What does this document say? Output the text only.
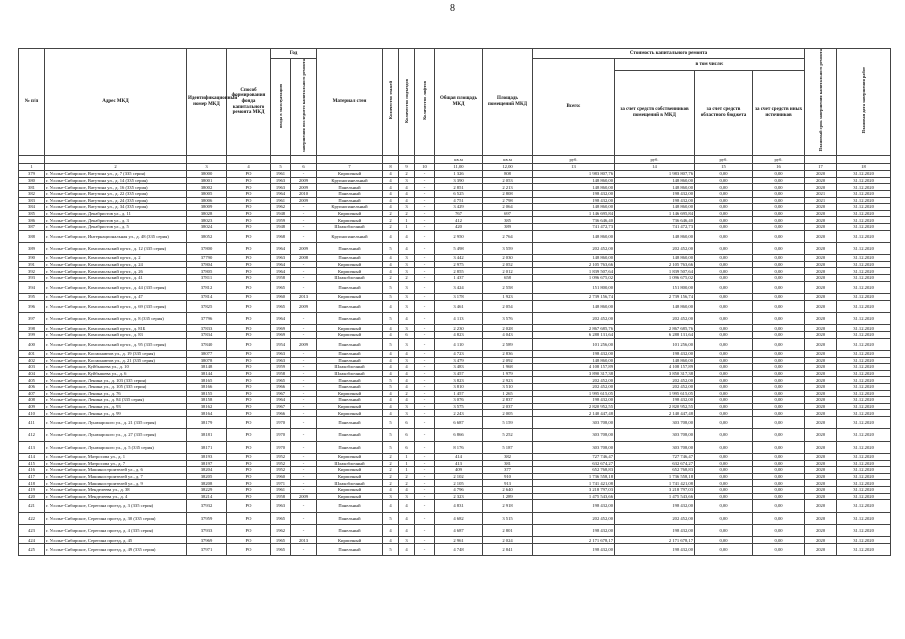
8
№ п/п	Адрес МКД	Идентификационный номер МКД	Способ формирования фонда капитального ремонта МКД	Год		Материал стен	Количество этажей	Количество подъездов	Количество лифтов	Общая площадь МКД	Площадь помещений МКД	Стоимость капитального ремонта				Плановый срок завершения капитального ремонта	Плановая дата завершения работ
				ввода в эксплуатацию	завершения последнего капитального ремонта							Всего:	в том числе:				
													за счет средств собственников помещений в МКД	за счет средств областного бюджета	за счет средств иных источников		
										кв.м	кв.м	руб.	руб.	руб.	руб.		
1	2	3	4	5	6	7	8	9	10	11,00	12,00	13	14	15	16	17	18
379	г. Усолье-Сибирское, Ватутина ул., д. 7 (335 серия)	38000	РО	1961	-	Кирпичный	4	2	-	1 326	808	1 983 807,76	1 983 807,76	0,00	0,00	2020	31.12.2020
380	г. Усолье-Сибирское, Ватутина ул., д. 14 (335 серия)	38001	РО	1963	2009	Крупнопанельный	4	3	-	3 390	2 053	148 860,00	148 860,00	0,00	0,00	2020	31.12.2020
381	г. Усолье-Сибирское, Ватутина ул., д. 16 (335 серия)	38002	РО	1963	2009	Панельный	4	4	-	2 851	2 213	148 860,00	148 860,00	0,00	0,00	2020	31.12.2020
382	г. Усолье-Сибирское, Ватутина ул., д. 22 (335 серия)	38005	РО	1964	2010	Панельный	4	4	-	6 525	2 808	198 432,00	198 432,00	0,00	0,00	2021	31.12.2020
383	г. Усолье-Сибирское, Ватутина ул., д. 24 (335 серия)	38006	РО	1961	2009	Панельный	4	4	-	4 751	2 798	198 432,00	198 432,00	0,00	0,00	2021	31.12.2020
384	г. Усолье-Сибирское, Ватутина ул., д. 34 (335 серия)	38009	РО	1962	-	Крупнопанельный	4	3	-	3 429	2 064	148 860,00	148 860,00	0,00	0,00	2020	31.12.2020
385	г. Усолье-Сибирское, Декабристов ул., д. 11	38028	РО	1948	-	Кирпичный	2	2	-	767	697	1 146 695,84	1 146 695,84	0,00	0,00	2020	31.12.2020
386	г. Усолье-Сибирское, Декабристов ул., д. 3	38023	РО	1959	-	Кирпичный	2	1	-	412	385	736 646,40	736 646,40	0,00	0,00	2020	31.12.2020
387	г. Усолье-Сибирское, Декабристов ул., д. 5	38024	РО	1948	-	Шлакоблочный	2	1	-	420	389	741 472,73	741 472,73	0,00	0,00	2020	31.12.2020
388	г. Усолье-Сибирское, Интернациональная ул., д. 48 (335 серия)	38052	РО	1968	-	Крупнопанельный	4	4	-	2 950	2 764	148 860,00	148 860,00	0,00	0,00	2020	31.12.2020
389	г. Усолье-Сибирское, Комсомольский пр-кт., д. 12 (335 серия)	37800	РО	1964	2009	Панельный	5	4	-	5 498	3 559	202 452,00	202 452,00	0,00	0,00	2020	31.12.2020
390	г. Усолье-Сибирское, Комсомольский пр-кт., д. 2	37790	РО	1963	2008	Панельный	4	3	-	3 442	2 030	148 860,00	148 860,00	0,00	0,00	2020	31.12.2020
391	г. Усолье-Сибирское, Комсомольский пр-кт., д. 24	37804	РО	1964	-	Кирпичный	4	3	-	2 975	2 052	2 105 763,66	2 105 763,66	0,00	0,00	2020	31.12.2020
392	г. Усолье-Сибирское, Комсомольский пр-кт., д. 26	37805	РО	1964	-	Кирпичный	4	3	-	2 855	2 012	1 839 507,64	1 839 507,64	0,00	0,00	2020	31.12.2020
393	г. Усолье-Сибирское, Комсомольский пр-кт., д. 41	37811	РО	1958	-	Шлакоблочный	2	2	-	1 437	658	1 096 675,02	1 096 675,02	0,00	0,00	2020	31.12.2020
394	г. Усолье-Сибирское, Комсомольский пр-кт., д. 44 (335 серия)	37812	РО	1965	-	Панельный	5	3	-	3 424	2 558	151 800,00	151 800,00	0,00	0,00	2020	31.12.2020
395	г. Усолье-Сибирское, Комсомольский пр-кт., д. 47	37814	РО	1960	2013	Кирпичный	5	3	-	3 178	1 923	2 739 156,74	2 739 156,74	0,00	0,00	2020	31.12.2020
396	г. Усолье-Сибирское, Комсомольский пр-кт., д. 69 (335 серия)	37825	РО	1965	2009	Панельный	4	3	-	3 461	2 054	148 860,00	148 860,00	0,00	0,00	2020	31.12.2020
397	г. Усолье-Сибирское, Комсомольский пр-кт., д. 8 (335 серия)	37796	РО	1964	-	Панельный	5	4	-	4 113	3 576	202 452,00	202 452,00	0,00	0,00	2020	31.12.2020
398	г. Усолье-Сибирское, Комсомольский пр-кт., д. 81Б	37833	РО	1969	-	Кирпичный	4	3	-	2 230	2 028	2 867 685,76	2 867 685,76	0,00	0,00	2020	31.12.2020
399	г. Усолье-Сибирское, Комсомольский пр-кт., д. 83	37834	РО	1969	-	Кирпичный	4	6	-	4 823	4 043	6 288 131,64	6 288 131,64	0,00	0,00	2020	31.12.2020
400	г. Усолье-Сибирское, Комсомольский пр-кт., д. 95 (335 серия)	37840	РО	1954	2009	Панельный	5	3	-	4 110	2 589	101 256,00	101 256,00	0,00	0,00	2020	31.12.2020
401	г. Усолье-Сибирское, Космонавтов ул., д. 19 (335 серия)	38077	РО	1963	-	Панельный	4	4	-	4 723	2 836	198 432,00	198 432,00	0,00	0,00	2020	31.12.2020
402	г. Усолье-Сибирское, Космонавтов ул., д. 21 (335 серия)	38078	РО	1963	-	Панельный	4	3	-	3 479	2 092	148 860,00	148 860,00	0,00	0,00	2020	31.12.2020
403	г. Усолье-Сибирское, Куйбышева ул., д. 10	38148	РО	1959	-	Шлакоблочный	4	4	-	3 483	1 968	4 108 157,89	4 108 157,89	0,00	0,00	2020	31.12.2020
404	г. Усолье-Сибирское, Куйбышева ул., д. 6	38144	РО	1958	-	Шлакоблочный	4	4	-	3 457	1 979	3 890 317,38	3 850 317,38	0,00	0,00	2020	31.12.2020
405	г. Усолье-Сибирское, Ленина ул., д. 103 (335 серия)	38165	РО	1965	-	Панельный	5	4	-	3 823	2 923	202 452,00	202 452,00	0,00	0,00	2020	31.12.2020
406	г. Усолье-Сибирское, Ленина ул., д. 105 (335 серия)	38166	РО	1966	-	Панельный	5	4	-	3 810	3 510	202 452,00	202 452,00	0,00	0,00	2020	31.12.2020
407	г. Усолье-Сибирское, Ленина ул., д. 76	38155	РО	1967	-	Кирпичный	4	2	-	1 457	1 265	1 995 615,05	1 995 615,05	0,00	0,00	2020	31.12.2020
408	г. Усолье-Сибирское, Ленина ул., д. 84 (335 серия)	38158	РО	1964	-	Панельный	4	4	-	3 076	2 837	198 432,00	198 432,00	0,00	0,00	2020	31.12.2020
409	г. Усолье-Сибирское, Ленина ул., д. 93	38162	РО	1967	-	Кирпичный	4	3	-	3 575	2 037	2 820 952,55	2 820 952,55	0,00	0,00	2020	31.12.2020
410	г. Усолье-Сибирское, Ленина ул., д. 99	38164	РО	1966	-	Кирпичный	4	3	-	2 243	2 005	2 140 447,48	2 140 447,48	0,00	0,00	2020	31.12.2020
411	г. Усолье-Сибирское, Луначарского ул., д. 21 (335 серия)	38179	РО	1970	-	Панельный	5	6	-	6 687	5 159	303 708,00	303 708,00	0,00	0,00	2020	31.12.2020
412	г. Усолье-Сибирское, Луначарского ул., д. 27 (335 серия)	38181	РО	1970	-	Панельный	5	6	-	6 866	5 252	303 708,00	303 708,00	0,00	0,00	2020	31.12.2020
413	г. Усолье-Сибирское, Луначарского ул., д. 5 (335 серия)	38171	РО	1970	-	Панельный	5	6	-	8 176	5 187	303 708,00	303 708,00	0,00	0,00	2020	31.12.2020
414	г. Усолье-Сибирское, Матросова ул., д. 1	38193	РО	1952	-	Кирпичный	2	1	-	414	382	727 746,47	727 746,47	0,00	0,00	2020	31.12.2020
415	г. Усолье-Сибирское, Матросова ул., д. 7	38197	РО	1952	-	Шлакоблочный	2	1	-	413	381	632 674,27	632 674,27	0,00	0,00	2020	31.12.2020
416	г. Усолье-Сибирское, Машиностроителей ул., д. 6	38204	РО	1952	-	Кирпичный	2	1	-	409	377	652 768,83	652 768,83	0,00	0,00	2020	31.12.2020
417	г. Усолье-Сибирское, Машиностроителей ул., д. 7	38205	РО	1960	-	Кирпичный	2	2	-	2 102	910	1 736 558,18	1 736 558,18	0,00	0,00	2020	31.12.2020
418	г. Усолье-Сибирское, Машиностроителей ул., д. 9	38208	РО	1971	-	Шлакоблочный	2	2	-	2 105	913	1 741 421,08	1 741 421,08	0,00	0,00	2020	31.12.2020
419	г. Усолье-Сибирское, Менделеева ул., д. 38	38229	РО	1961	-	Кирпичный	4	4	-	4 796	2 640	3 218 797,03	3 218 797,03	0,00	0,00	2020	31.12.2020
420	г. Усолье-Сибирское, Менделеева ул., д. 4	38214	РО	1958	2009	Кирпичный	3	3	-	2 323	1 289	1 475 543,66	1 475 543,66	0,00	0,00	2020	31.12.2020
421	г. Усолье-Сибирское, Серегина проезд, д. 3 (335 серия)	37932	РО	1963	-	Панельный	4	4	-	4 831	2 918	198 432,00	198 432,00	0,00	0,00	2020	31.12.2020
422	г. Усолье-Сибирское, Серегина проезд, д. 30 (335 серия)	37959	РО	1965	-	Панельный	5	4	-	4 682	3 515	202 452,00	202 452,00	0,00	0,00	2020	31.12.2020
423	г. Усолье-Сибирское, Серегина проезд, д. 4 (335 серия)	37933	РО	1962	-	Панельный	4	4	-	4 687	2 801	198 432,00	198 432,00	0,00	0,00	2020	31.12.2020
424	г. Усолье-Сибирское, Серегина проезд, д. 45	37969	РО	1965	2013	Кирпичный	4	3	-	2 961	2 024	2 171 678,17	2 171 678,17	0,00	0,00	2020	31.12.2020
425	г. Усолье-Сибирское, Серегина проезд, д. 49 (335 серия)	37971	РО	1965	-	Панельный	5	4	-	4 748	2 841	198 432,00	198 432,00	0,00	0,00	2020	31.12.2020
